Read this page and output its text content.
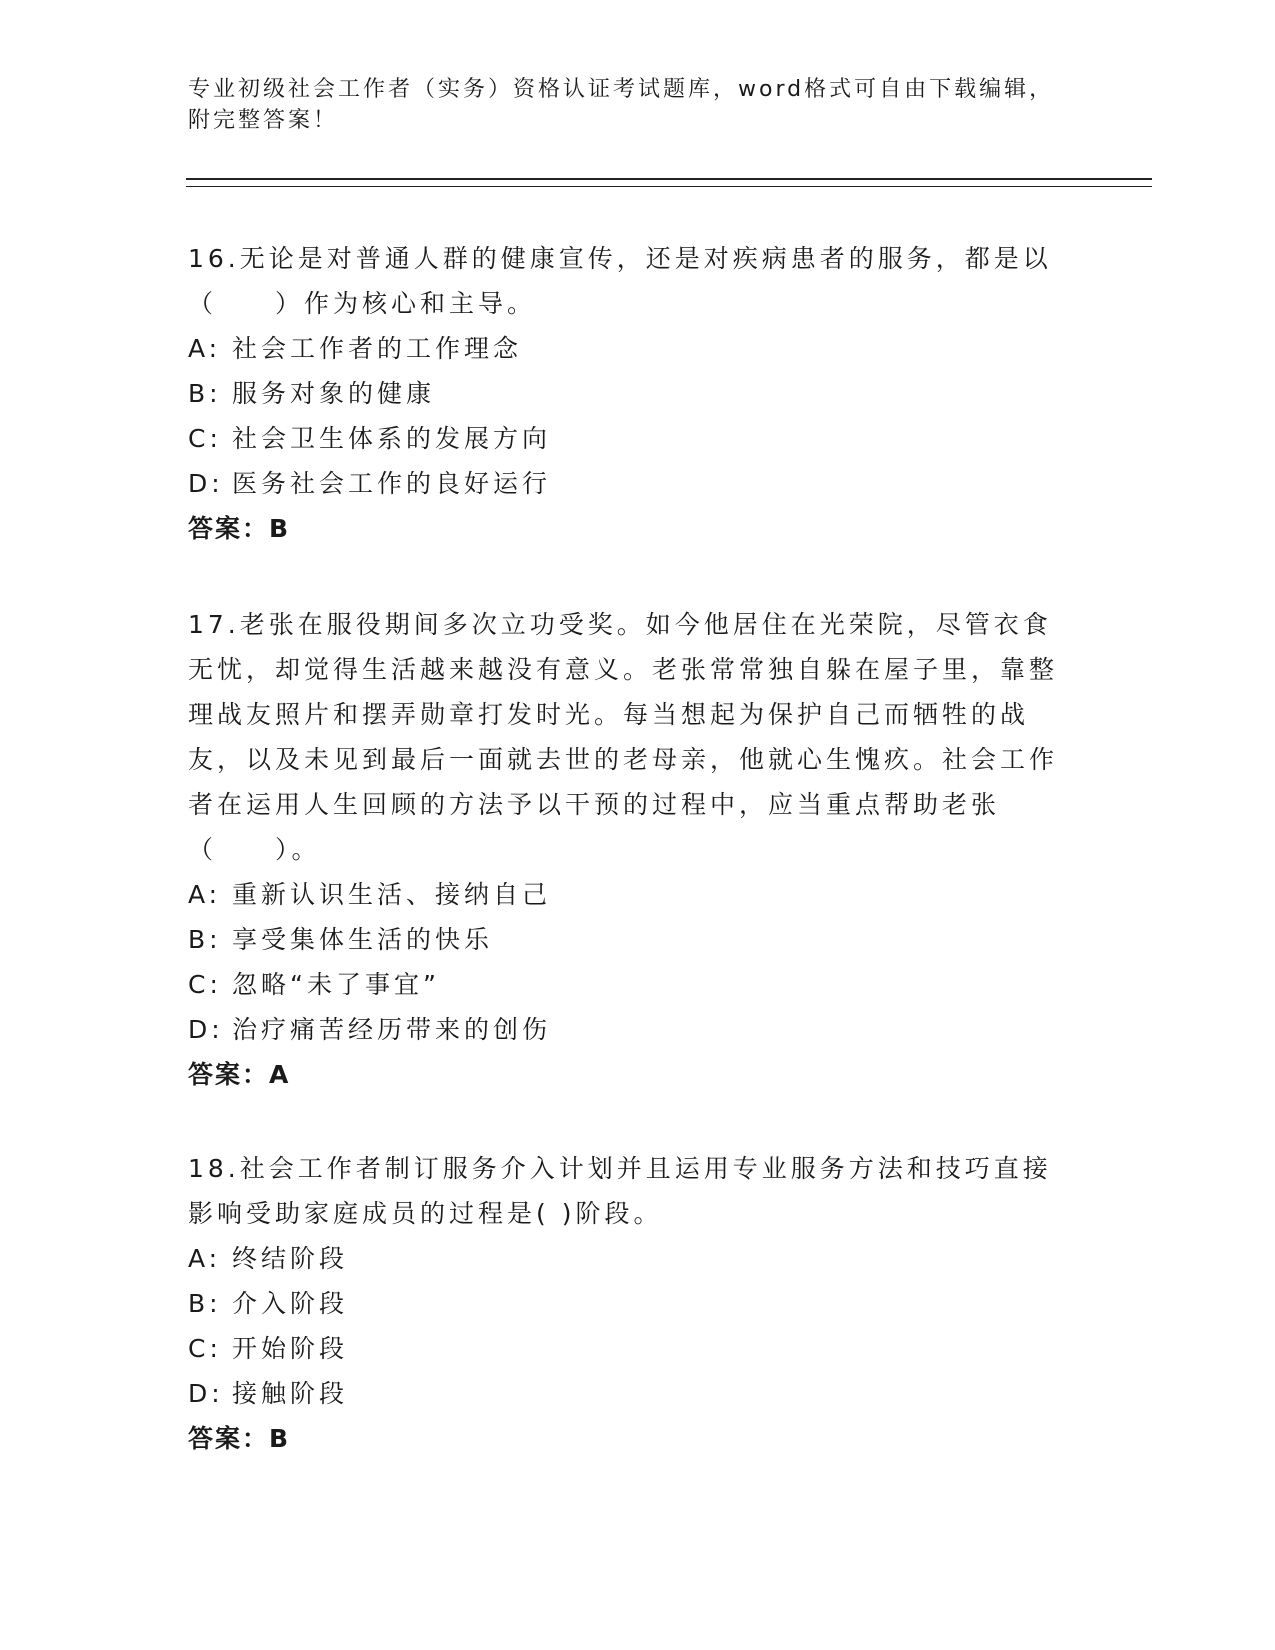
专业初级社会工作者（实务）资格认证考试题库，word格式可自由下载编辑，附完整答案！

16.无论是对普通人群的健康宣传，还是对疾病患者的服务，都是以（　　）作为核心和主导。

A: 社会工作者的工作理念

B: 服务对象的健康

C: 社会卫生体系的发展方向

D: 医务社会工作的良好运行

答案：B

17.老张在服役期间多次立功受奖。如今他居住在光荣院，尽管衣食无忧，却觉得生活越来越没有意义。老张常常独自躲在屋子里，靠整理战友照片和摆弄勋章打发时光。每当想起为保护自己而牺牲的战友，以及未见到最后一面就去世的老母亲，他就心生愧疚。社会工作者在运用人生回顾的方法予以干预的过程中，应当重点帮助老张（　　）。

A: 重新认识生活、接纳自己

B: 享受集体生活的快乐

C: 忽略“未了事宜”

D: 治疗痛苦经历带来的创伤

答案：A

18.社会工作者制订服务介入计划并且运用专业服务方法和技巧直接影响受助家庭成员的过程是( )阶段。

A: 终结阶段

B: 介入阶段

C: 开始阶段

D: 接触阶段

答案：B
